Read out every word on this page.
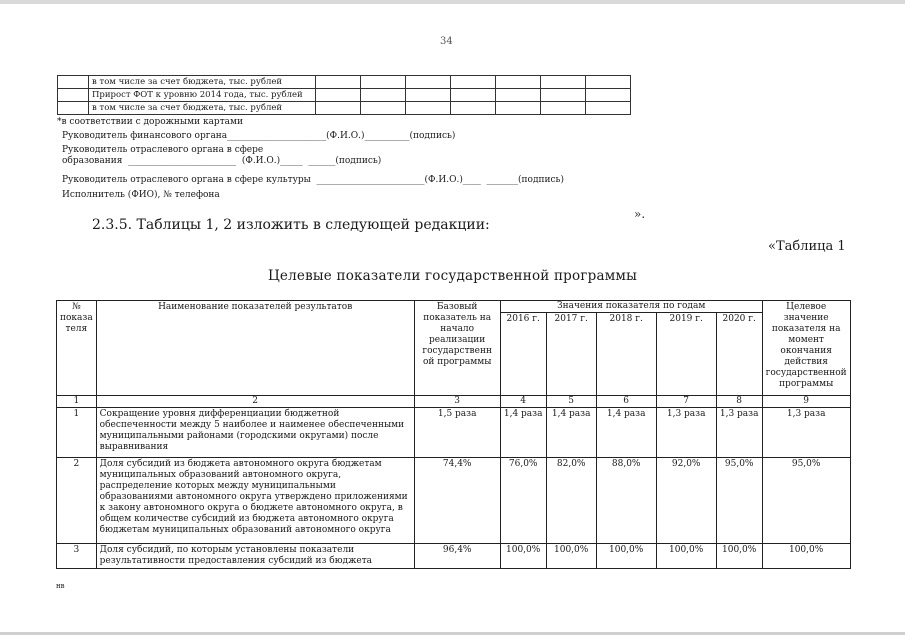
34
	в том числе за счет бюджета, тыс. рублей							
	Прирост ФОТ к уровню 2014 года, тыс. рублей							
	в том числе за счет бюджета, тыс. рублей							
*в соответствии с дорожными картами
Руководитель финансового органа______________________(Ф.И.О.)__________(подпись)
Руководитель отраслевого органа в сфере
образования  ________________________  (Ф.И.О.)_____  ______(подпись)
Руководитель отраслевого органа в сфере культуры  ________________________(Ф.И.О.)____  _______(подпись)
Исполнитель (ФИО), № телефона
».
2.3.5. Таблицы 1, 2 изложить в следующей редакции:
«Таблица 1
Целевые показатели государственной программы
№ показа теля	Наименование показателей результатов	Базовый показатель на начало реализации государственн ой программы	Значения показателя по годам					Целевое значение показателя на момент окончания действия государственной программы
			2016 г.	2017 г.	2018 г.	2019 г.	2020 г.	
1	2	3	4	5	6	7	8	9
1	Сокращение уровня дифференциации бюджетной обеспеченности между 5 наиболее и наименее обеспеченными муниципальными районами (городскими округами) после выравнивания	1,5 раза	1,4 раза	1,4 раза	1,4 раза	1,3 раза	1,3 раза	1,3 раза
2	Доля субсидий из бюджета автономного округа бюджетам муниципальных образований автономного округа, распределение которых между муниципальными образованиями автономного округа утверждено приложениями к закону автономного округа о бюджете автономного округа, в общем количестве субсидий из бюджета автономного округа бюджетам муниципальных образований автономного округа	74,4%	76,0%	82,0%	88,0%	92,0%	95,0%	95,0%
3	Доля субсидий, по которым установлены показатели результативности предоставления субсидий из бюджета	96,4%	100,0%	100,0%	100,0%	100,0%	100,0%	100,0%
нв
